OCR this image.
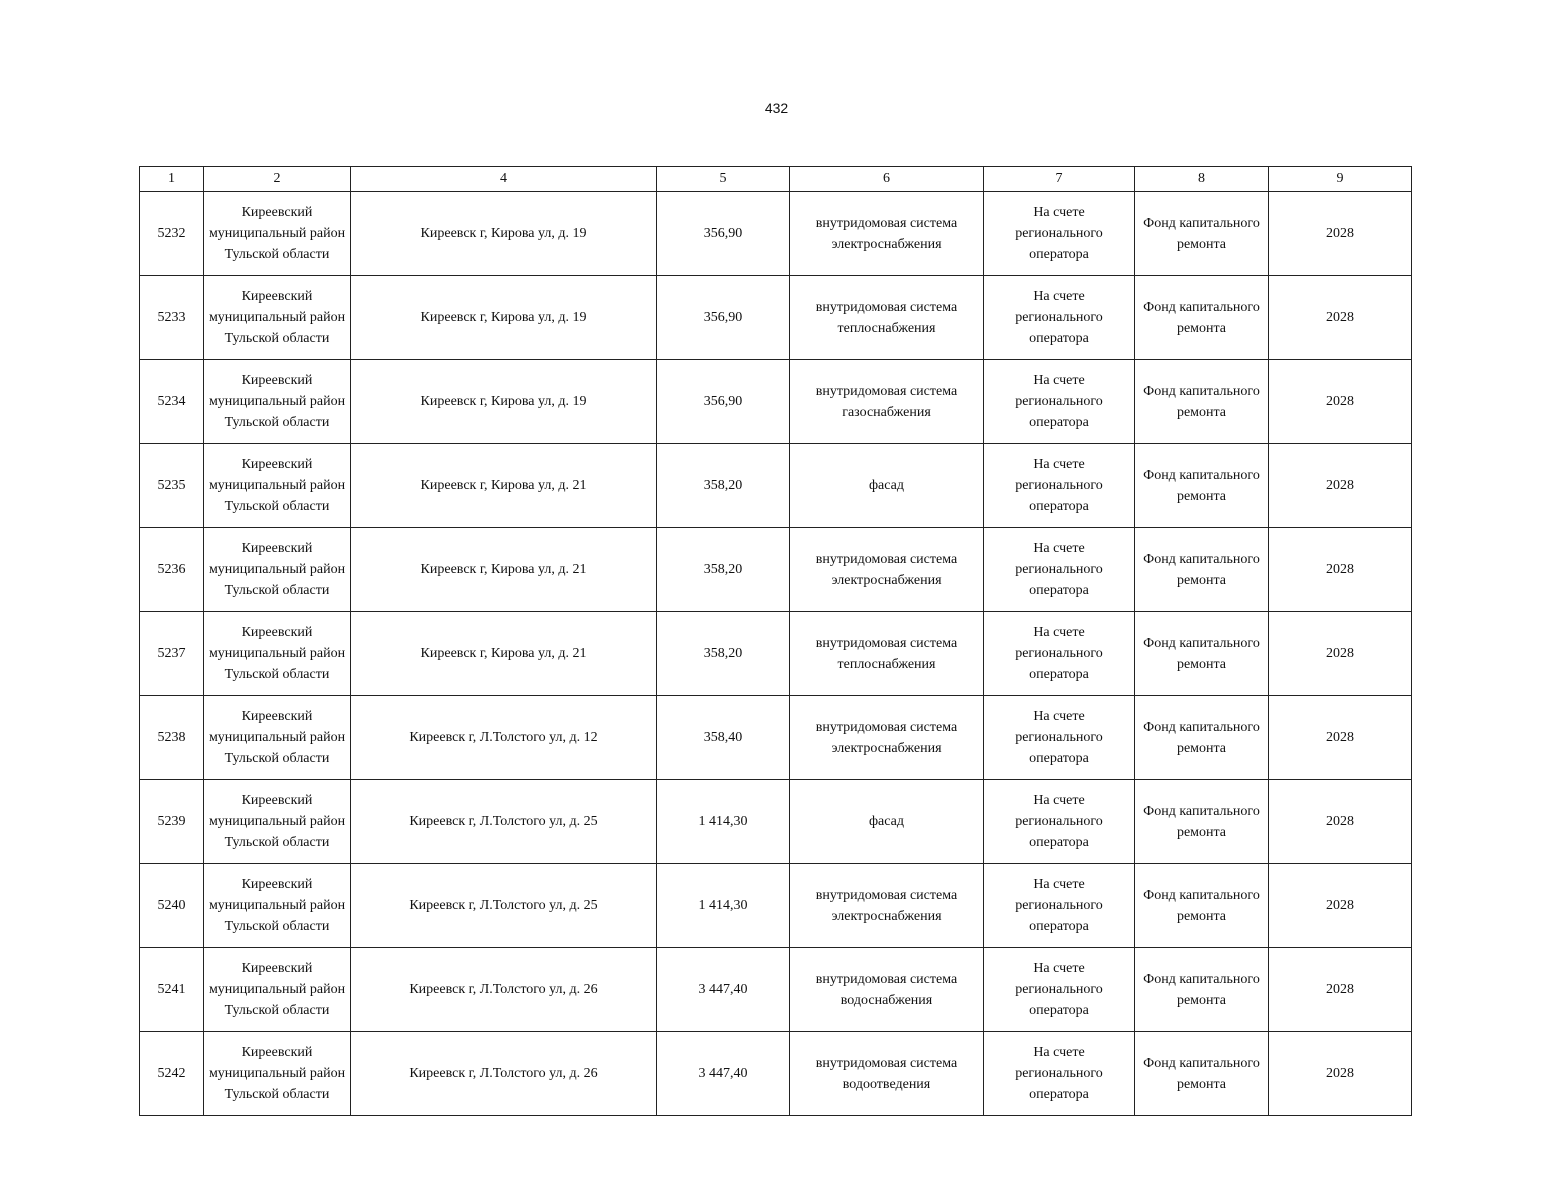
432
1	2	4	5	6	7	8	9
5232	Киреевский муниципальный район Тульской области	Киреевск г, Кирова ул, д. 19	356,90	внутридомовая система электроснабжения	На счете регионального оператора	Фонд капитального ремонта	2028
5233	Киреевский муниципальный район Тульской области	Киреевск г, Кирова ул, д. 19	356,90	внутридомовая система теплоснабжения	На счете регионального оператора	Фонд капитального ремонта	2028
5234	Киреевский муниципальный район Тульской области	Киреевск г, Кирова ул, д. 19	356,90	внутридомовая система газоснабжения	На счете регионального оператора	Фонд капитального ремонта	2028
5235	Киреевский муниципальный район Тульской области	Киреевск г, Кирова ул, д. 21	358,20	фасад	На счете регионального оператора	Фонд капитального ремонта	2028
5236	Киреевский муниципальный район Тульской области	Киреевск г, Кирова ул, д. 21	358,20	внутридомовая система электроснабжения	На счете регионального оператора	Фонд капитального ремонта	2028
5237	Киреевский муниципальный район Тульской области	Киреевск г, Кирова ул, д. 21	358,20	внутридомовая система теплоснабжения	На счете регионального оператора	Фонд капитального ремонта	2028
5238	Киреевский муниципальный район Тульской области	Киреевск г, Л.Толстого ул, д. 12	358,40	внутридомовая система электроснабжения	На счете регионального оператора	Фонд капитального ремонта	2028
5239	Киреевский муниципальный район Тульской области	Киреевск г, Л.Толстого ул, д. 25	1 414,30	фасад	На счете регионального оператора	Фонд капитального ремонта	2028
5240	Киреевский муниципальный район Тульской области	Киреевск г, Л.Толстого ул, д. 25	1 414,30	внутридомовая система электроснабжения	На счете регионального оператора	Фонд капитального ремонта	2028
5241	Киреевский муниципальный район Тульской области	Киреевск г, Л.Толстого ул, д. 26	3 447,40	внутридомовая система водоснабжения	На счете регионального оператора	Фонд капитального ремонта	2028
5242	Киреевский муниципальный район Тульской области	Киреевск г, Л.Толстого ул, д. 26	3 447,40	внутридомовая система водоотведения	На счете регионального оператора	Фонд капитального ремонта	2028
